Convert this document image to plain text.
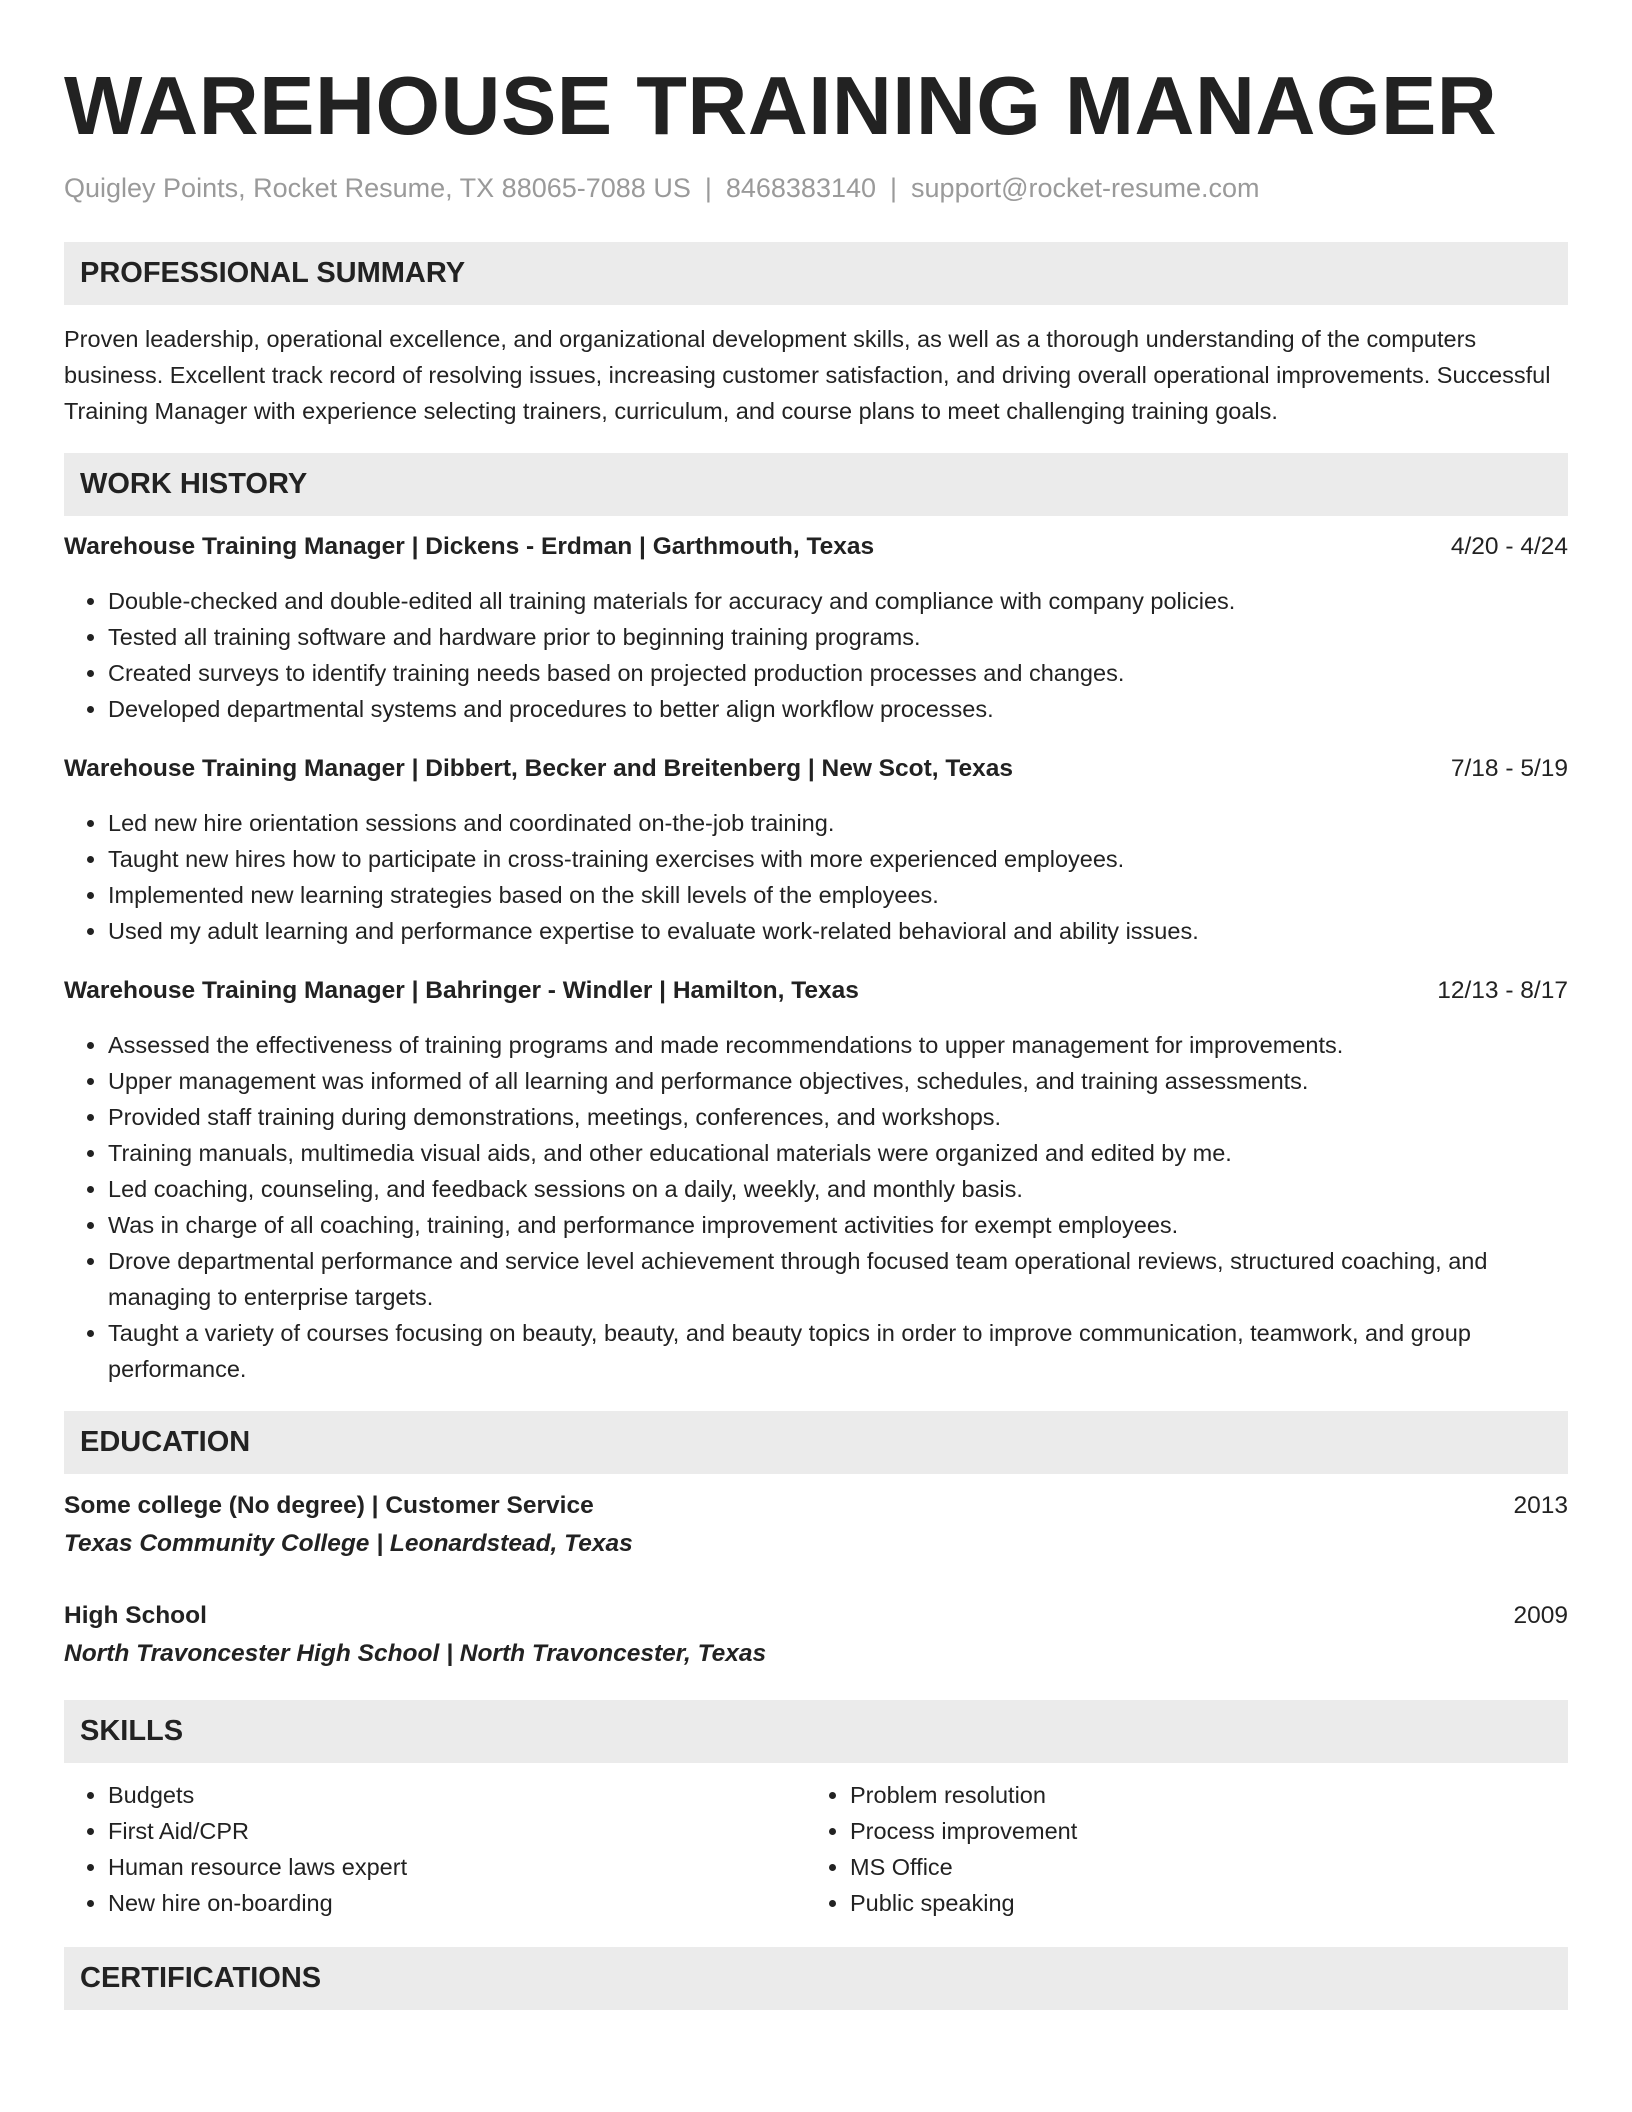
WAREHOUSE TRAINING MANAGER
Quigley Points, Rocket Resume, TX 88065-7088 US | 8468383140 | support@rocket-resume.com
PROFESSIONAL SUMMARY
Proven leadership, operational excellence, and organizational development skills, as well as a thorough understanding of the computers business. Excellent track record of resolving issues, increasing customer satisfaction, and driving overall operational improvements. Successful Training Manager with experience selecting trainers, curriculum, and course plans to meet challenging training goals.
WORK HISTORY
Warehouse Training Manager | Dickens - Erdman | Garthmouth, Texas	4/20 - 4/24
• Double-checked and double-edited all training materials for accuracy and compliance with company policies.
• Tested all training software and hardware prior to beginning training programs.
• Created surveys to identify training needs based on projected production processes and changes.
• Developed departmental systems and procedures to better align workflow processes.
Warehouse Training Manager | Dibbert, Becker and Breitenberg | New Scot, Texas	7/18 - 5/19
• Led new hire orientation sessions and coordinated on-the-job training.
• Taught new hires how to participate in cross-training exercises with more experienced employees.
• Implemented new learning strategies based on the skill levels of the employees.
• Used my adult learning and performance expertise to evaluate work-related behavioral and ability issues.
Warehouse Training Manager | Bahringer - Windler | Hamilton, Texas	12/13 - 8/17
• Assessed the effectiveness of training programs and made recommendations to upper management for improvements.
• Upper management was informed of all learning and performance objectives, schedules, and training assessments.
• Provided staff training during demonstrations, meetings, conferences, and workshops.
• Training manuals, multimedia visual aids, and other educational materials were organized and edited by me.
• Led coaching, counseling, and feedback sessions on a daily, weekly, and monthly basis.
• Was in charge of all coaching, training, and performance improvement activities for exempt employees.
• Drove departmental performance and service level achievement through focused team operational reviews, structured coaching, and managing to enterprise targets.
• Taught a variety of courses focusing on beauty, beauty, and beauty topics in order to improve communication, teamwork, and group performance.
EDUCATION
Some college (No degree) | Customer Service	2013
Texas Community College | Leonardstead, Texas
High School	2009
North Travoncester High School | North Travoncester, Texas
SKILLS
• Budgets
• First Aid/CPR
• Human resource laws expert
• New hire on-boarding
• Problem resolution
• Process improvement
• MS Office
• Public speaking
CERTIFICATIONS
